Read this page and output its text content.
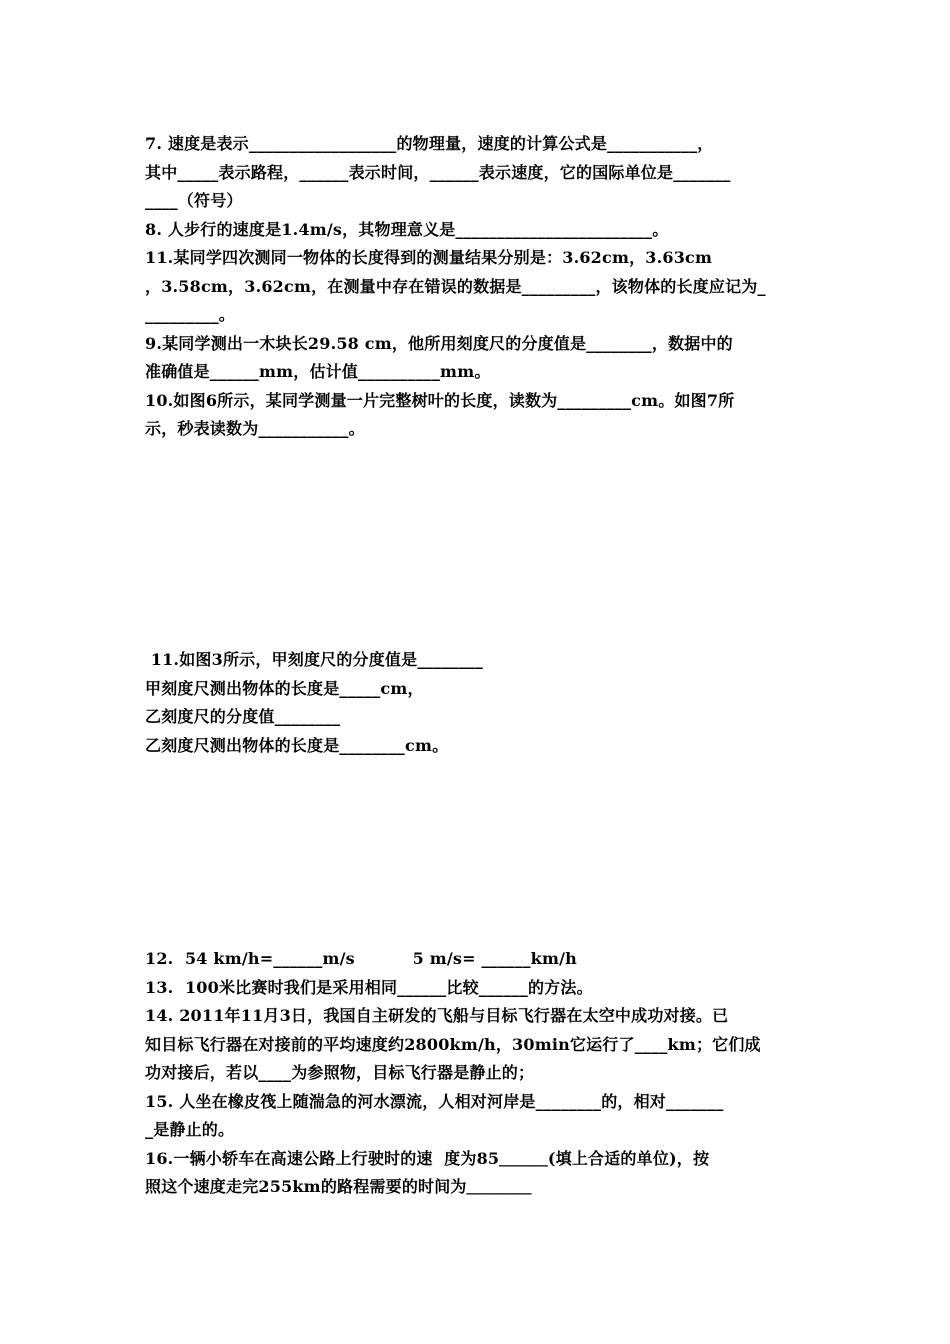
7. 速度是表示__________________的物理量，速度的计算公式是___________，
其中_____表示路程，______表示时间，______表示速度，它的国际单位是_______
____（符号）
8. 人步行的速度是1.4m/s，其物理意义是________________________。
11.某同学四次测同一物体的长度得到的测量结果分别是：3.62cm，3.63cm
，3.58cm，3.62cm，在测量中存在错误的数据是_________，该物体的长度应记为_
_________。
9.某同学测出一木块长29.58 cm，他所用刻度尺的分度值是________，数据中的
准确值是______mm，估计值__________mm。
10.如图6所示，某同学测量一片完整树叶的长度，读数为_________cm。如图7所
示，秒表读数为___________。
11.如图3所示，甲刻度尺的分度值是________
甲刻度尺测出物体的长度是_____cm，
乙刻度尺的分度值________
乙刻度尺测出物体的长度是________cm。
12.  54 km/h=______m/s          5 m/s= ______km/h
13.  100米比赛时我们是采用相同______比较______的方法。
14. 2011年11月3日，我国自主研发的飞船与目标飞行器在太空中成功对接。已
知目标飞行器在对接前的平均速度约2800km/h，30min它运行了____km；它们成
功对接后，若以____为参照物，目标飞行器是静止的；
15. 人坐在橡皮筏上随湍急的河水漂流，人相对河岸是________的，相对_______
_是静止的。
16.一辆小轿车在高速公路上行驶时的速  度为85＿＿＿(填上合适的单位)，按
照这个速度走完255km的路程需要的时间为＿＿＿＿
